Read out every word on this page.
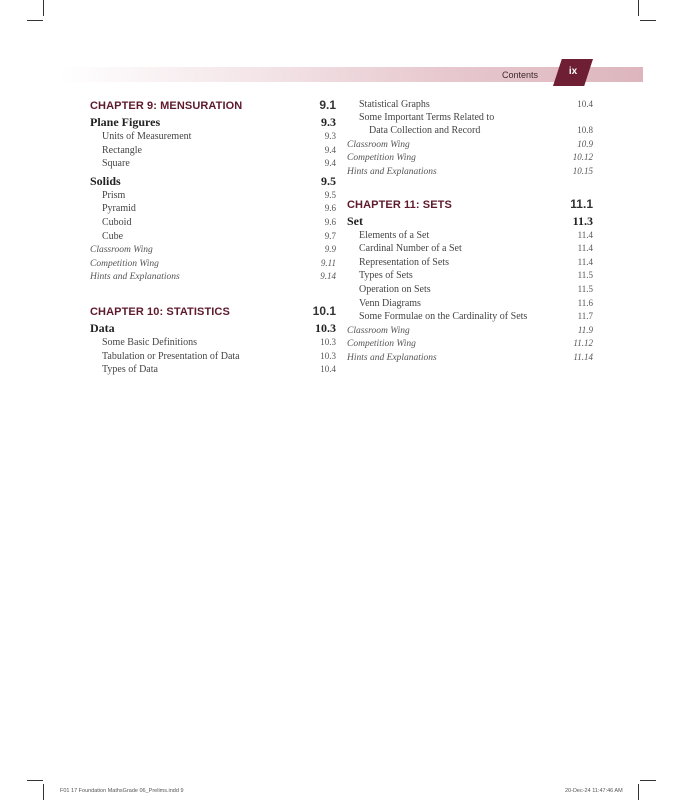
Contents	ix
CHAPTER 9: MENSURATION	9.1
Plane Figures	9.3
Units of Measurement	9.3
Rectangle	9.4
Square	9.4
Solids	9.5
Prism	9.5
Pyramid	9.6
Cuboid	9.6
Cube	9.7
Classroom Wing	9.9
Competition Wing	9.11
Hints and Explanations	9.14
CHAPTER 10: STATISTICS	10.1
Data	10.3
Some Basic Definitions	10.3
Tabulation or Presentation of Data	10.3
Types of Data	10.4
Statistical Graphs	10.4
Some Important Terms Related to
Data Collection and Record	10.8
Classroom Wing	10.9
Competition Wing	10.12
Hints and Explanations	10.15
CHAPTER 11: SETS	11.1
Set	11.3
Elements of a Set	11.4
Cardinal Number of a Set	11.4
Representation of Sets	11.4
Types of Sets	11.5
Operation on Sets	11.5
Venn Diagrams	11.6
Some Formulae on the Cardinality of Sets	11.7
Classroom Wing	11.9
Competition Wing	11.12
Hints and Explanations	11.14
F01 17 Foundation MathsGrade 06_Prelims.indd 9	20-Dec-24 11:47:46 AM
